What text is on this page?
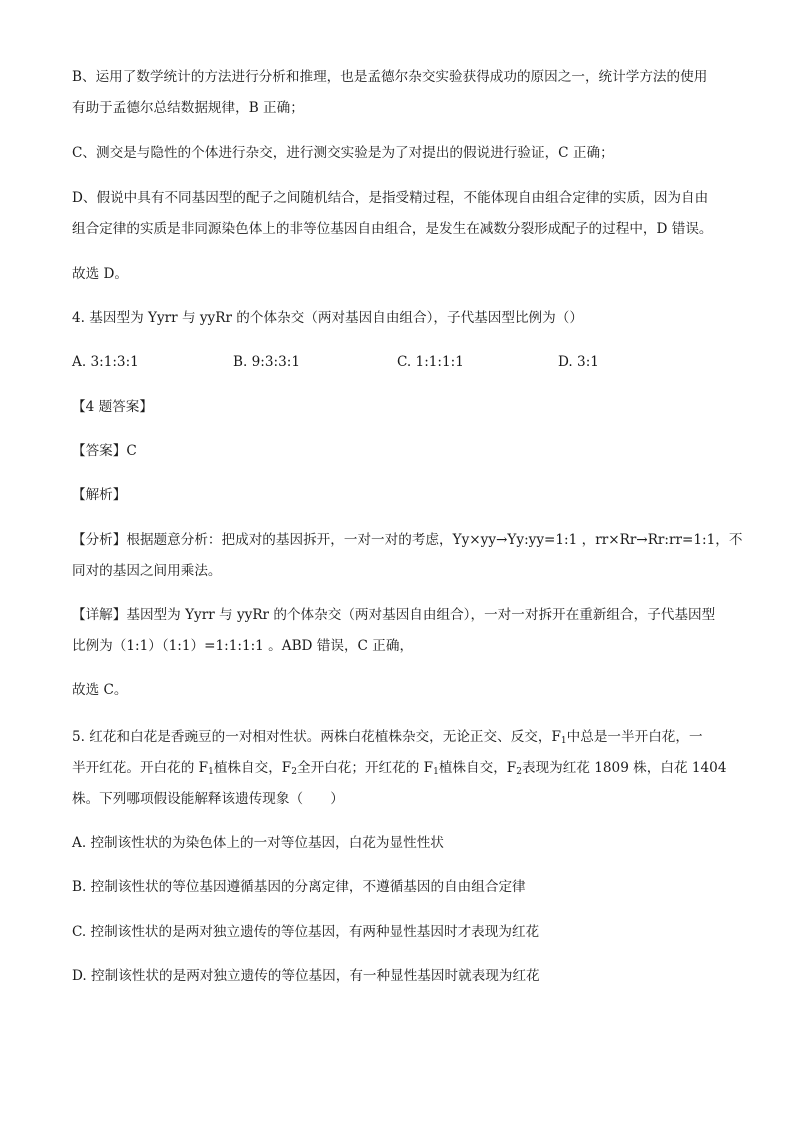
B、运用了数学统计的方法进行分析和推理，也是孟德尔杂交实验获得成功的原因之一，统计学方法的使用
有助于孟德尔总结数据规律，B 正确；
C、测交是与隐性的个体进行杂交，进行测交实验是为了对提出的假说进行验证，C 正确；
D、假说中具有不同基因型的配子之间随机结合，是指受精过程，不能体现自由组合定律的实质，因为自由
组合定律的实质是非同源染色体上的非等位基因自由组合，是发生在减数分裂形成配子的过程中，D 错误。
故选 D。
4. 基因型为 Yyrr 与 yyRr 的个体杂交（两对基因自由组合），子代基因型比例为（）
A. 3:1:3:1	B. 9:3:3:1	C. 1:1:1:1	D. 3:1
【4 题答案】
【答案】C
【解析】
【分析】根据题意分析：把成对的基因拆开，一对一对的考虑，Yy×yy→Yy:yy=1:1 ，rr×Rr→Rr:rr=1:1，不
同对的基因之间用乘法。
【详解】基因型为 Yyrr 与 yyRr 的个体杂交（两对基因自由组合），一对一对拆开在重新组合，子代基因型
比例为（1:1）（1:1）=1:1:1:1 。ABD 错误，C 正确，
故选 C。
5. 红花和白花是香豌豆的一对相对性状。两株白花植株杂交，无论正交、反交，$F_1$中总是一半开白花，一
半开红花。开白花的 $F_1$植株自交，$F_2$全开白花；开红花的 $F_1$植株自交，$F_2$表现为红花 1809 株，白花 1404
株。下列哪项假设能解释该遗传现象（　　）
A. 控制该性状的为染色体上的一对等位基因，白花为显性性状
B. 控制该性状的等位基因遵循基因的分离定律，不遵循基因的自由组合定律
C. 控制该性状的是两对独立遗传的等位基因，有两种显性基因时才表现为红花
D. 控制该性状的是两对独立遗传的等位基因，有一种显性基因时就表现为红花
